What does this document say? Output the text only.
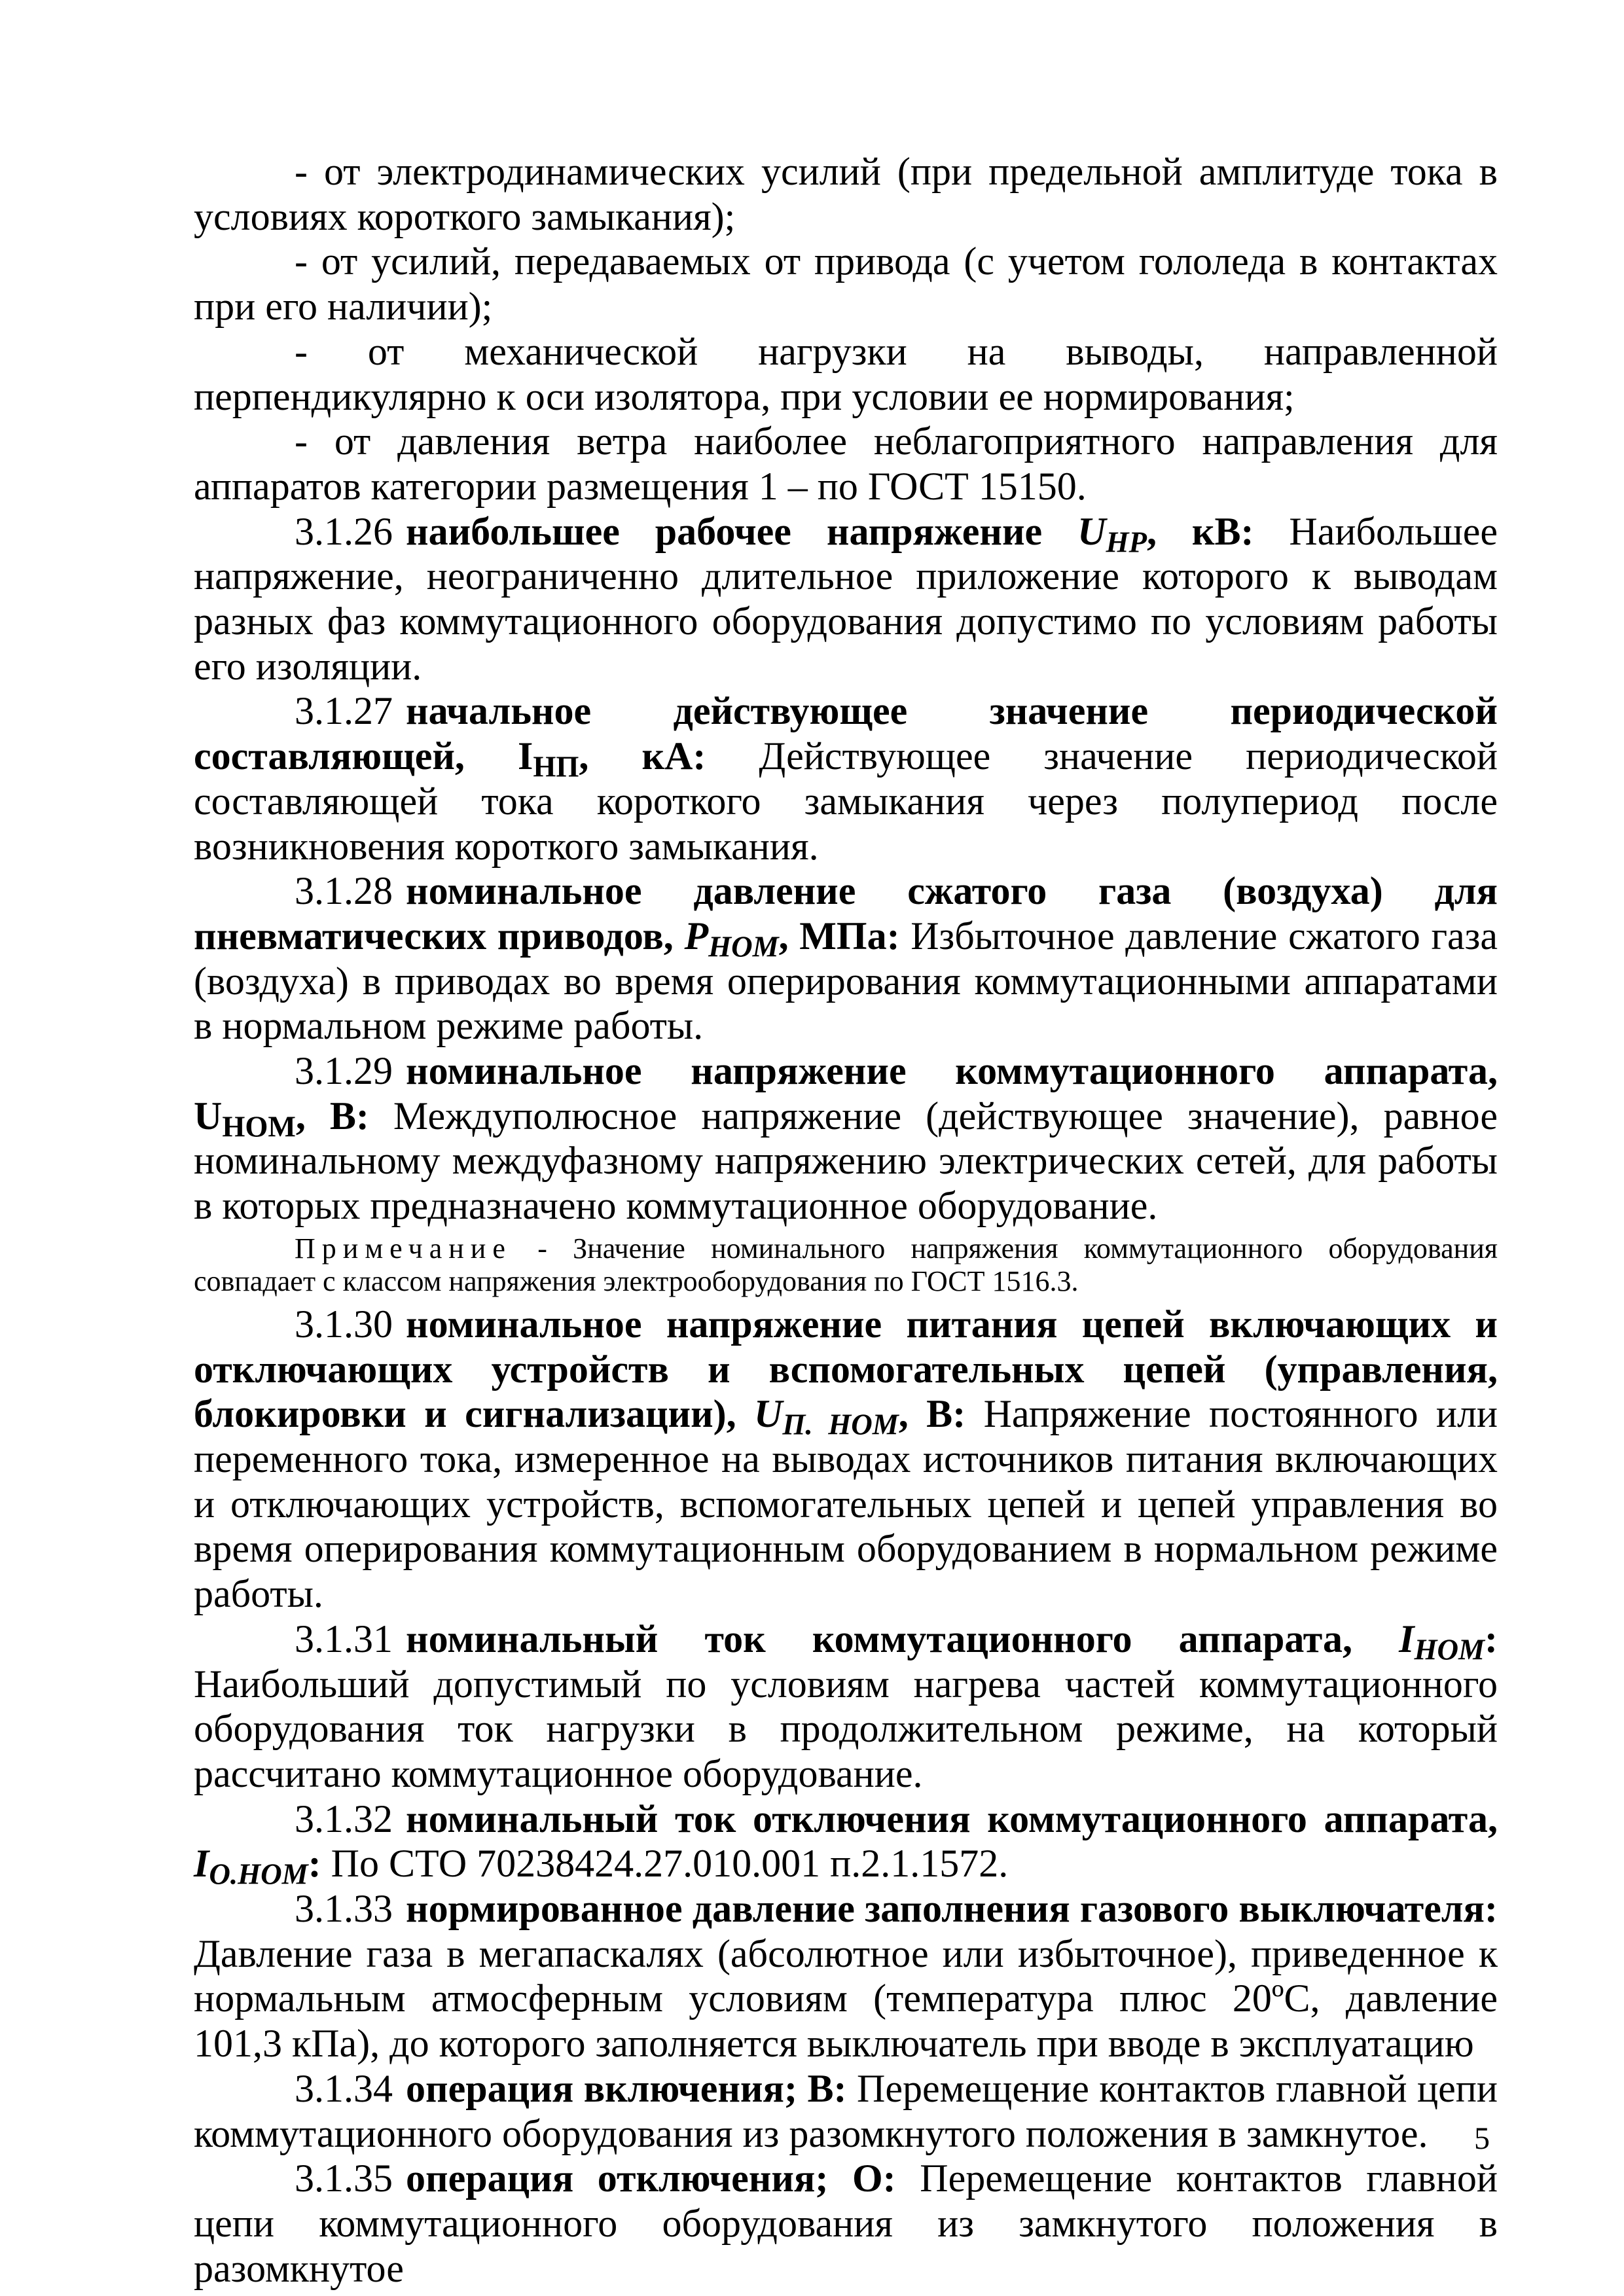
- от электродинамических усилий (при предельной амплитуде тока в условиях короткого замыкания);

- от усилий, передаваемых от привода (с учетом гололеда в контактах при его наличии);

- от механической нагрузки на выводы, направленной перпендикулярно к оси изолятора, при условии ее нормирования;

- от давления ветра наиболее неблагоприятного направления для аппаратов категории размещения 1 – по ГОСТ 15150.

3.1.26 наибольшее рабочее напряжение $U_{НР}$, кВ: Наибольшее напряжение, неограниченно длительное приложение которого к выводам разных фаз коммутационного оборудования допустимо по условиям работы его изоляции.

3.1.27 начальное действующее значение периодической составляющей, $I_{НП}$, кА: Действующее значение периодической составляющей тока короткого замыкания через полупериод после возникновения короткого замыкания.

3.1.28 номинальное давление сжатого газа (воздуха) для пневматических приводов, $Р_{НОМ}$, МПа: Избыточное давление сжатого газа (воздуха) в приводах во время оперирования коммутационными аппаратами в нормальном режиме работы.

3.1.29 номинальное напряжение коммутационного аппарата, $U_{НОМ}$, В: Междуполюсное напряжение (действующее значение), равное номинальному междуфазному напряжению электрических сетей, для работы в которых предназначено коммутационное оборудование.

Примечание - Значение номинального напряжения коммутационного оборудования совпадает с классом напряжения электрооборудования по ГОСТ 1516.3.

3.1.30 номинальное напряжение питания цепей включающих и отключающих устройств и вспомогательных цепей (управления, блокировки и сигнализации), $U_{П. НОМ}$, В: Напряжение постоянного или переменного тока, измеренное на выводах источников питания включающих и отключающих устройств, вспомогательных цепей и цепей управления во время оперирования коммутационным оборудованием в нормальном режиме работы.

3.1.31 номинальный ток коммутационного аппарата, $I_{НОМ}$: Наибольший допустимый по условиям нагрева частей коммутационного оборудования ток нагрузки в продолжительном режиме, на который рассчитано коммутационное оборудование.

3.1.32 номинальный ток отключения коммутационного аппарата, $I_{О.НОМ}$: По СТО 70238424.27.010.001 п.2.1.1572.

3.1.33 нормированное давление заполнения газового выключателя: Давление газа в мегапаскалях (абсолютное или избыточное), приведенное к нормальным атмосферным условиям (температура плюс 20ºС, давление 101,3 кПа), до которого заполняется выключатель при вводе в эксплуатацию

3.1.34 операция включения; В: Перемещение контактов главной цепи коммутационного оборудования из разомкнутого положения в замкнутое.

3.1.35 операция отключения; О: Перемещение контактов главной цепи коммутационного оборудования из замкнутого положения в разомкнутое

5
